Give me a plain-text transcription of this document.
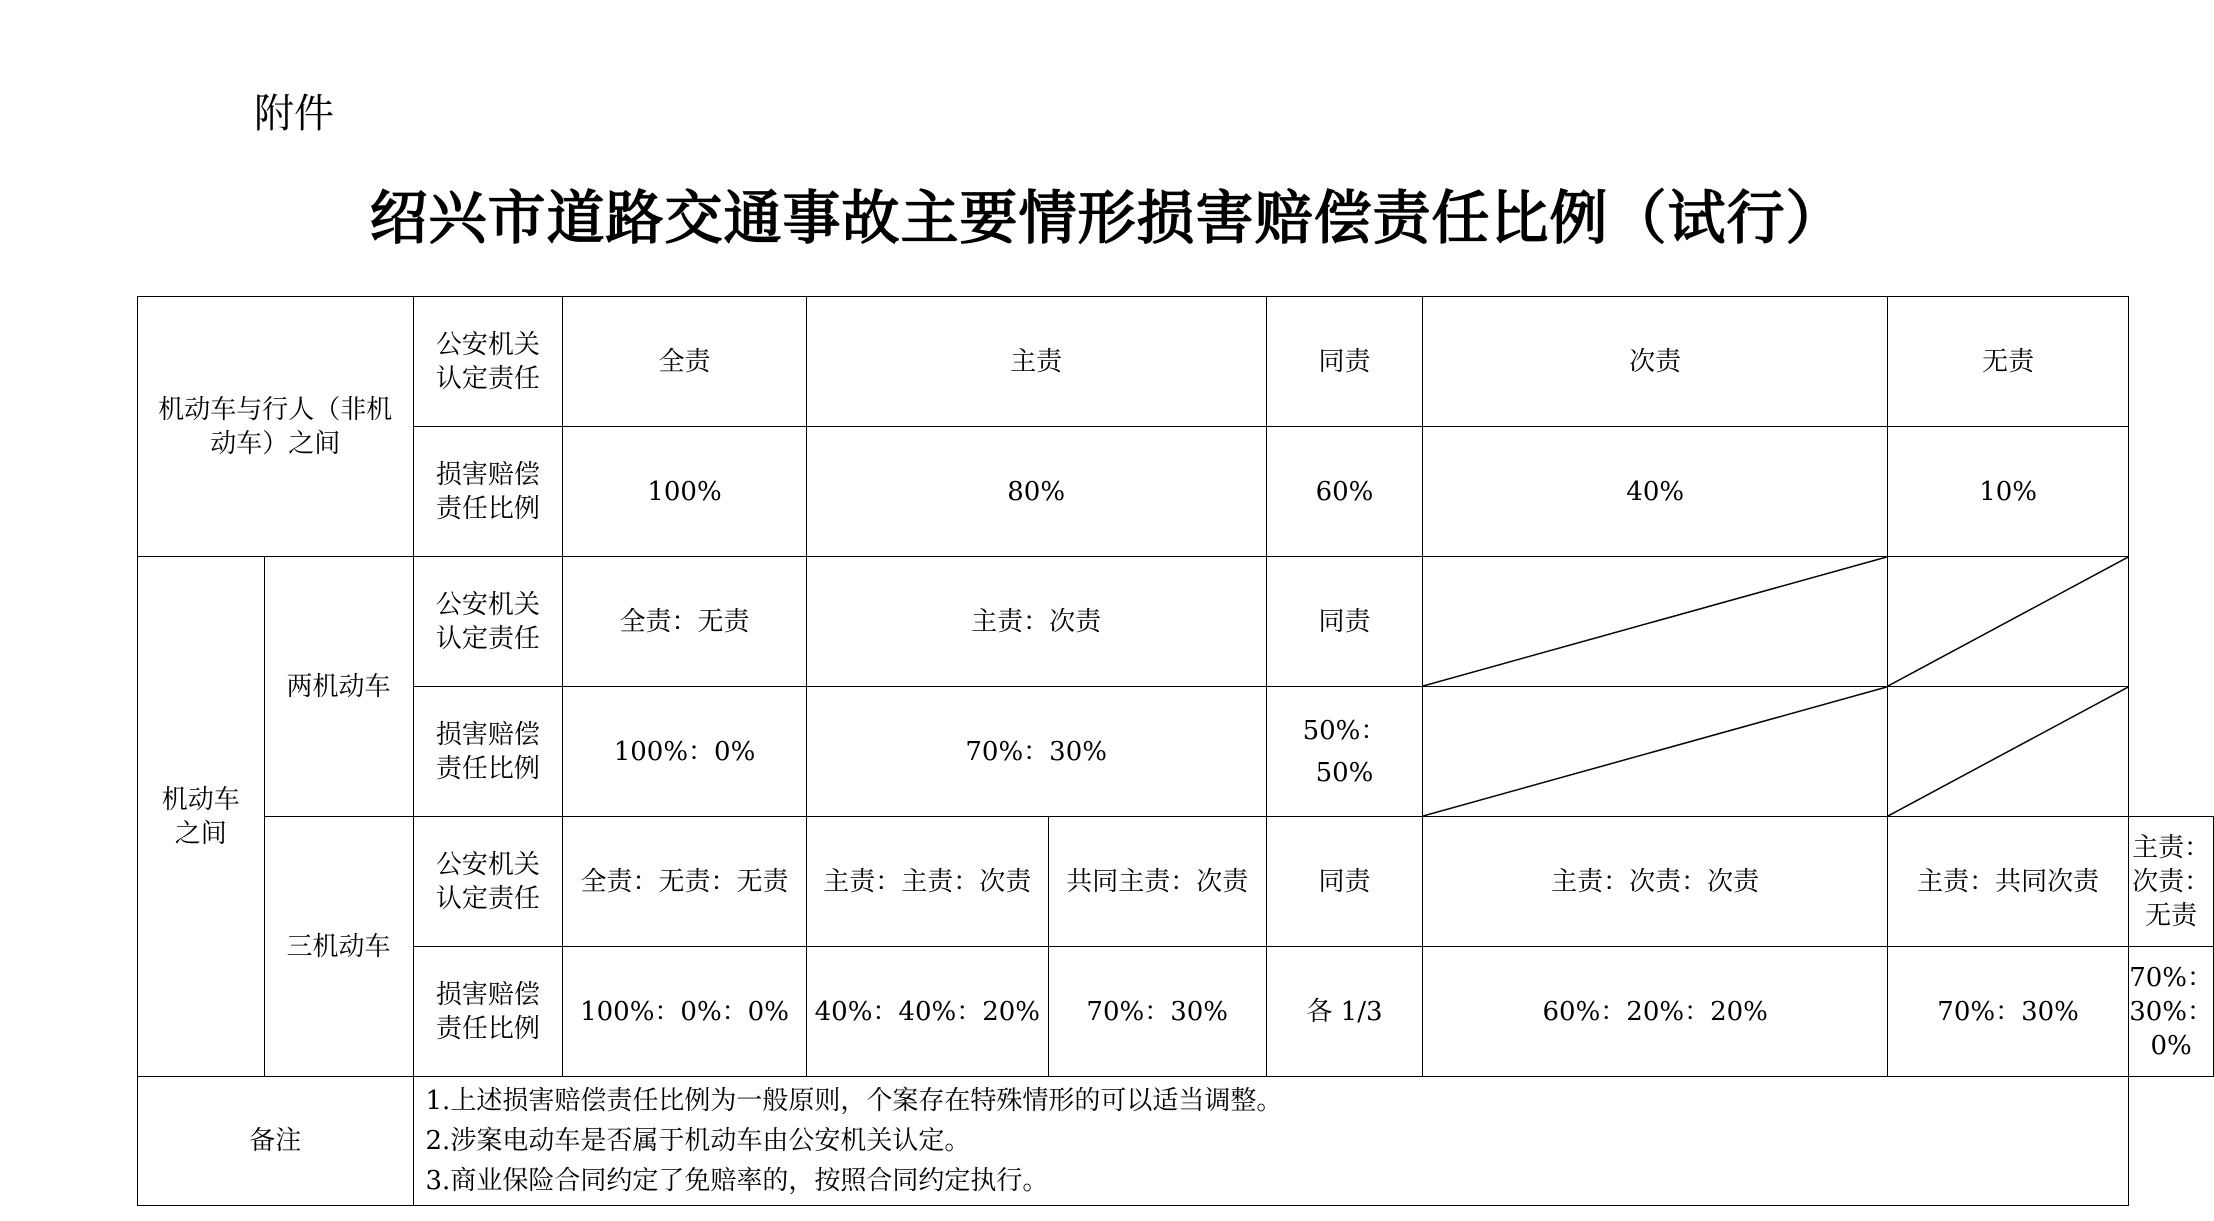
附件
绍兴市道路交通事故主要情形损害赔偿责任比例（试行）
机动车与行人（非机动车）之间		公安机关认定责任	全责	主责		同责	次责	无责	
		损害赔偿责任比例	100%	80%		60%	40%	10%	
机动车之间	两机动车	公安机关认定责任	全责：无责	主责：次责		同责	

		损害赔偿责任比例	100%：0%	70%：30%		50%：50%	

	三机动车	公安机关认定责任	全责：无责：无责	主责：主责：次责	共同主责：次责	同责	主责：次责：次责	主责：共同次责	主责：次责：无责
		损害赔偿责任比例	100%：0%：0%	40%：40%：20%	70%：30%	各 1/3	60%：20%：20%	70%：30%	70%：30%：0%
备注		1.上述损害赔偿责任比例为一般原则，个案存在特殊情形的可以适当调整。
2.涉案电动车是否属于机动车由公安机关认定。
3.商业保险合同约定了免赔率的，按照合同约定执行。							
